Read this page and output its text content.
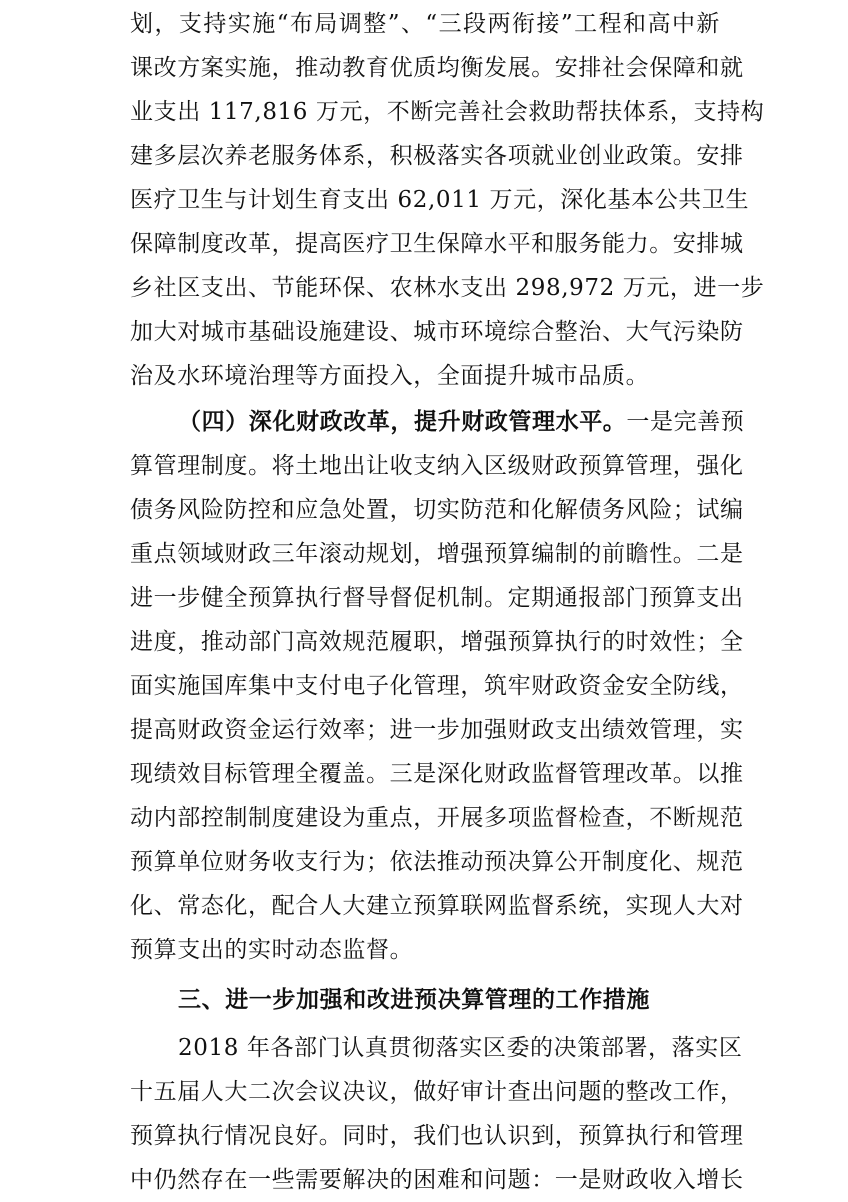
划，支持实施“布局调整”、“三段两衔接”工程和高中新
课改方案实施，推动教育优质均衡发展。安排社会保障和就
业支出 117,816 万元，不断完善社会救助帮扶体系，支持构
建多层次养老服务体系，积极落实各项就业创业政策。安排
医疗卫生与计划生育支出 62,011 万元，深化基本公共卫生
保障制度改革，提高医疗卫生保障水平和服务能力。安排城
乡社区支出、节能环保、农林水支出 298,972 万元，进一步
加大对城市基础设施建设、城市环境综合整治、大气污染防
治及水环境治理等方面投入，全面提升城市品质。
（四）深化财政改革，提升财政管理水平。一是完善预
算管理制度。将土地出让收支纳入区级财政预算管理，强化
债务风险防控和应急处置，切实防范和化解债务风险；试编
重点领域财政三年滚动规划，增强预算编制的前瞻性。二是
进一步健全预算执行督导督促机制。定期通报部门预算支出
进度，推动部门高效规范履职，增强预算执行的时效性；全
面实施国库集中支付电子化管理，筑牢财政资金安全防线，
提高财政资金运行效率；进一步加强财政支出绩效管理，实
现绩效目标管理全覆盖。三是深化财政监督管理改革。以推
动内部控制制度建设为重点，开展多项监督检查，不断规范
预算单位财务收支行为；依法推动预决算公开制度化、规范
化、常态化，配合人大建立预算联网监督系统，实现人大对
预算支出的实时动态监督。
三、进一步加强和改进预决算管理的工作措施
2018 年各部门认真贯彻落实区委的决策部署，落实区
十五届人大二次会议决议，做好审计查出问题的整改工作，
预算执行情况良好。同时，我们也认识到，预算执行和管理
中仍然存在一些需要解决的困难和问题：一是财政收入增长
